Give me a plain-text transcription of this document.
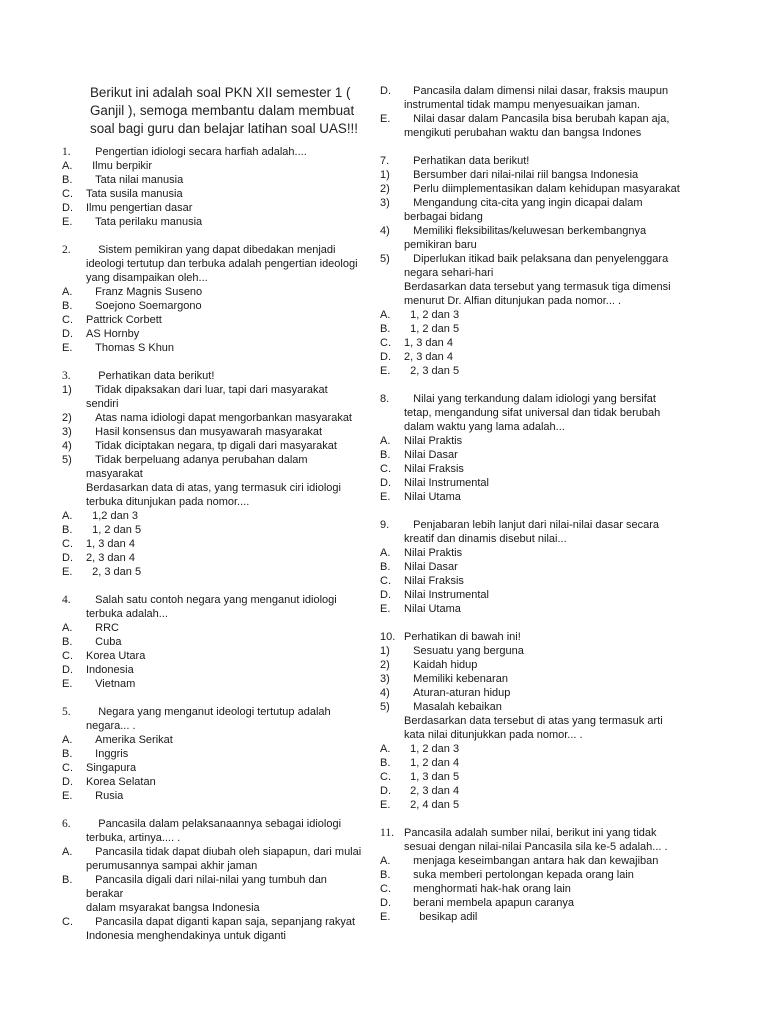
Berikut ini adalah soal PKN XII semester 1 ( Ganjil ), semoga membantu dalam membuat soal bagi guru dan belajar latihan soal UAS!!!

1.	Pengertian idiologi secara harfiah adalah....
A.	Ilmu berpikir
B.	Tata nilai manusia
C.	Tata susila manusia
D.	Ilmu pengertian dasar
E.	Tata perilaku manusia
2.	Sistem pemikiran yang dapat dibedakan menjadi
ideologi tertutup dan terbuka adalah pengertian ideologi
yang disampaikan oleh...
A.	Franz Magnis Suseno
B.	Soejono Soemargono
C.	Pattrick Corbett
D.	AS Hornby
E.	Thomas S Khun
3.	Perhatikan data berikut!
1)	Tidak dipaksakan dari luar, tapi dari masyarakat sendiri
2)	Atas nama idiologi dapat mengorbankan masyarakat
3)	Hasil konsensus dan musyawarah masyarakat
4)	Tidak diciptakan negara, tp digali dari masyarakat
5)	Tidak berpeluang adanya perubahan dalam
masyarakat
Berdasarkan data di atas, yang termasuk ciri idiologi
terbuka ditunjukan pada nomor....
A.	1,2 dan 3
B.	1, 2 dan 5
C.	1, 3 dan 4
D.	2, 3 dan 4
E.	2, 3 dan 5
4.	Salah satu contoh negara yang menganut idiologi
terbuka adalah...
A.	RRC
B.	Cuba
C.	Korea Utara
D.	Indonesia
E.	Vietnam
5.	Negara yang menganut ideologi tertutup adalah
negara... .
A.	Amerika Serikat
B.	Inggris
C.	Singapura
D.	Korea Selatan
E.	Rusia
6.	Pancasila dalam pelaksanaannya sebagai idiologi
terbuka, artinya.... .
A.	Pancasila tidak dapat diubah oleh siapapun, dari mulai
perumusannya sampai akhir jaman
B.	Pancasila digali dari nilai-nilai yang tumbuh dan berakar
dalam msyarakat bangsa Indonesia
C.	Pancasila dapat diganti kapan saja, sepanjang rakyat
Indonesia menghendakinya untuk diganti
D.	Pancasila dalam dimensi nilai dasar, fraksis maupun
instrumental tidak mampu menyesuaikan jaman.
E.	Nilai dasar dalam Pancasila bisa berubah kapan aja,
mengikuti perubahan waktu dan bangsa Indones
7.	Perhatikan data berikut!
1)	Bersumber dari nilai-nilai riil bangsa Indonesia
2)	Perlu diimplementasikan dalam kehidupan masyarakat
3)	Mengandung cita-cita yang ingin dicapai dalam
berbagai bidang
4)	Memiliki fleksibilitas/keluwesan berkembangnya
pemikiran baru
5)	Diperlukan itikad baik pelaksana dan penyelenggara
negara sehari-hari
Berdasarkan data tersebut yang termasuk tiga dimensi
menurut Dr. Alfian ditunjukan pada nomor... .
A.	1, 2 dan 3
B.	1, 2 dan 5
C.	1, 3 dan 4
D.	2, 3 dan 4
E.	2, 3 dan 5
8.	Nilai yang terkandung dalam idiologi yang bersifat
tetap, mengandung sifat universal dan tidak berubah
dalam waktu yang lama adalah...
A.	Nilai Praktis
B.	Nilai Dasar
C.	Nilai Fraksis
D.	Nilai Instrumental
E.	Nilai Utama
9.	Penjabaran lebih lanjut dari nilai-nilai dasar secara
kreatif dan dinamis disebut nilai...
A.	Nilai Praktis
B.	Nilai Dasar
C.	Nilai Fraksis
D.	Nilai Instrumental
E.	Nilai Utama
10. Perhatikan di bawah ini!
1)	Sesuatu yang berguna
2)	Kaidah hidup
3)	Memiliki kebenaran
4)	Aturan-aturan hidup
5)	Masalah kebaikan
Berdasarkan data tersebut di atas yang termasuk arti
kata nilai ditunjukkan pada nomor... .
A.	1, 2 dan 3
B.	1, 2 dan 4
C.	1, 3 dan 5
D.	2, 3 dan 4
E.	2, 4 dan 5
11. Pancasila adalah sumber nilai, berikut ini yang tidak
sesuai dengan nilai-nilai Pancasila sila ke-5 adalah... .
A.	menjaga keseimbangan antara hak dan kewajiban
B.	suka memberi pertolongan kepada orang lain
C.	menghormati hak-hak orang lain
D.	berani membela apapun caranya
E.	besikap adil
